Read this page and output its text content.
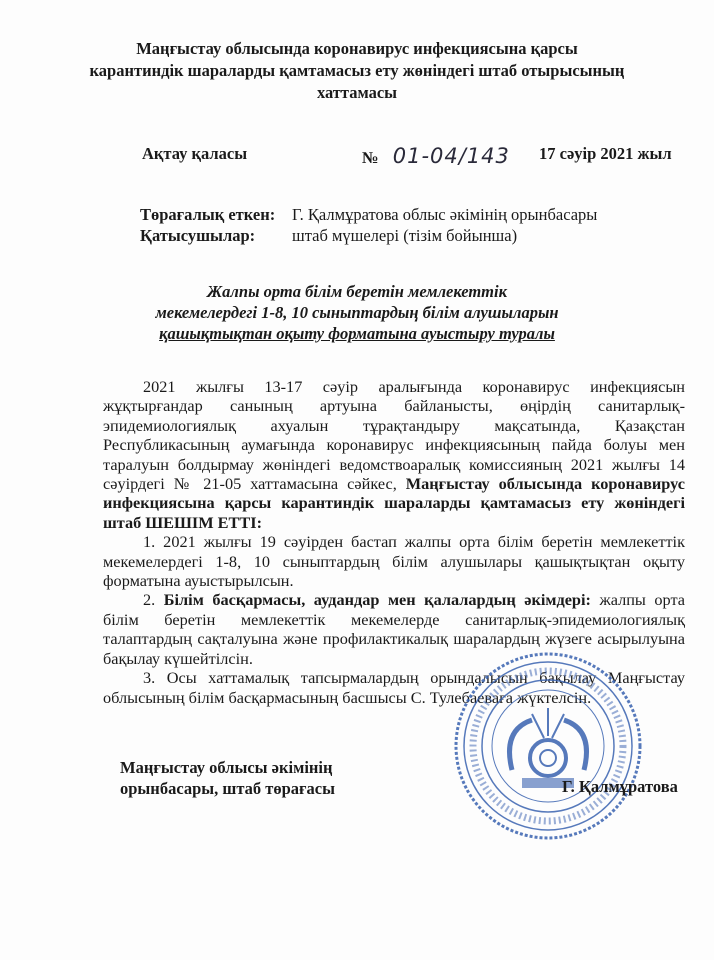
Маңғыстау облысында коронавирус инфекциясына қарсы
карантиндік шараларды қамтамасыз ету жөніндегі штаб отырысының
хаттамасы
Ақтау қаласы	№ 01-04/143 17 сәуір 2021 жыл
Төрағалық еткен: Г. Қалмұратова облыс әкімінің орынбасары
Қатысушылар: штаб мүшелері (тізім бойынша)
Жалпы орта білім беретін мемлекеттік
мекемелердегі 1-8, 10 сыныптардың білім алушыларын
қашықтықтан оқыту форматына ауыстыру туралы

2021 жылғы 13-17 сәуір аралығында коронавирус инфекциясын жұқтырғандар санының артуына байланысты, өңірдің санитарлық-эпидемиологиялық ахуалын тұрақтандыру мақсатында, Қазақстан Республикасының аумағында коронавирус инфекциясының пайда болуы мен таралуын болдырмау жөніндегі ведомствоаралық комиссияның 2021 жылғы 14 сәуірдегі № 21-05 хаттамасына сәйкес, Маңғыстау облысында коронавирус инфекциясына қарсы карантиндік шараларды қамтамасыз ету жөніндегі штаб ШЕШІМ ЕТТІ:

1. 2021 жылғы 19 сәуірден бастап жалпы орта білім беретін мемлекеттік мекемелердегі 1-8, 10 сыныптардың білім алушылары қашықтықтан оқыту форматына ауыстырылсын.

2. Білім басқармасы, аудандар мен қалалардың әкімдері: жалпы орта білім беретін мемлекеттік мекемелерде санитарлық-эпидемиологиялық талаптардың сақталуына және профилактикалық шаралардың жүзеге асырылуына бақылау күшейтілсін.

3. Осы хаттамалық тапсырмалардың орындалысын бақылау Маңғыстау облысының білім басқармасының басшысы С. Тулебаеваға жүктелсін.

Маңғыстау облысы әкімінің
орынбасары, штаб төрағасы	Г. Қалмұратова
